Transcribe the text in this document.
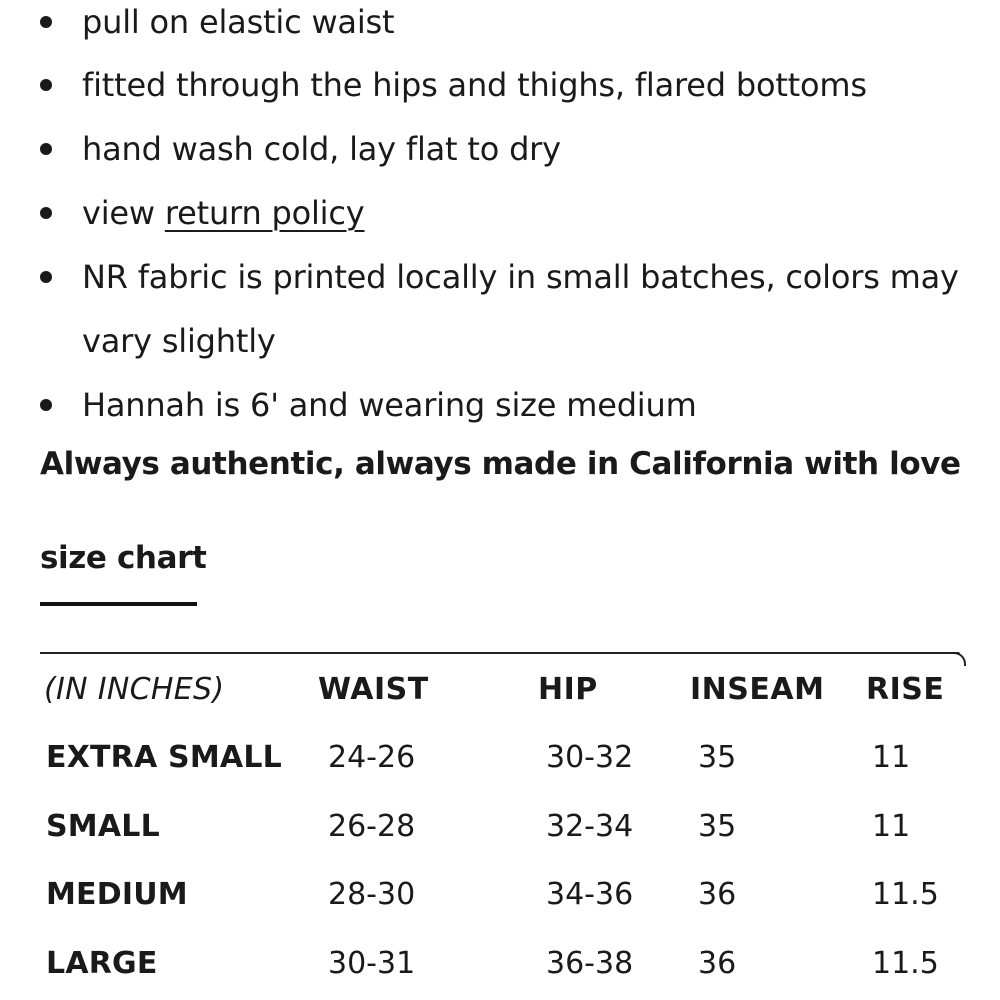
pull on elastic waist
fitted through the hips and thighs, flared bottoms
hand wash cold, lay flat to dry
view return policy
NR fabric is printed locally in small batches, colors may
vary slightly
Hannah is 6' and wearing size medium
Always authentic, always made in California with love
size chart
(IN INCHES)	WAIST	HIP	INSEAM RISE
EXTRA SMALL 24-26	30-32 35	11
SMALL	26-28	32-34 35	11
MEDIUM	28-30	34-36 36	11.5
LARGE	30-31	36-38 36	11.5
